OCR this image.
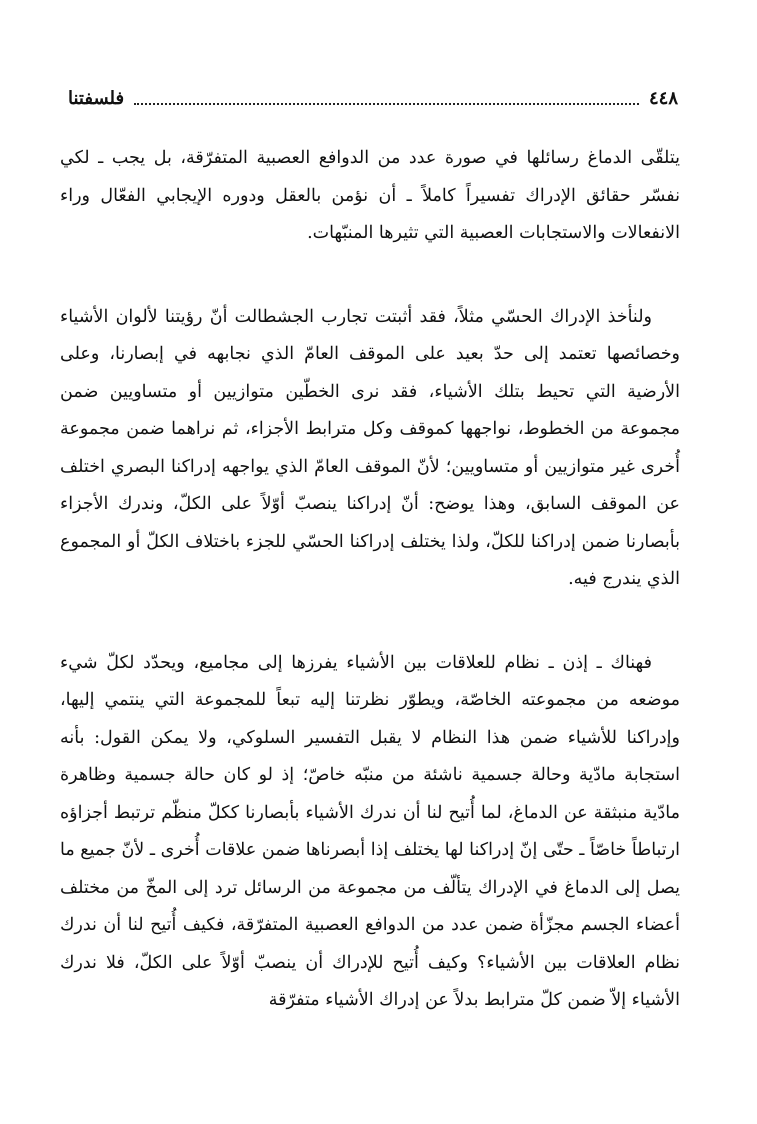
٤٤٨
فلسفتنا

يتلقّى الدماغ رسائلها في صورة عدد من الدوافع العصبية المتفرّقة، بل يجب ـ لكي نفسّر حقائق الإدراك تفسيراً كاملاً ـ أن نؤمن بالعقل ودوره الإيجابي الفعّال وراء الانفعالات والاستجابات العصبية التي تثيرها المنبّهات.

ولنأخذ الإدراك الحسّي مثلاً، فقد أثبتت تجارب الجشطالت أنّ رؤيتنا لألوان الأشياء وخصائصها تعتمد إلى حدّ بعيد على الموقف العامّ الذي نجابهه في إبصارنا، وعلى الأرضية التي تحيط بتلك الأشياء، فقد نرى الخطّين متوازيين أو متساويين ضمن مجموعة من الخطوط، نواجهها كموقف وكل مترابط الأجزاء، ثم نراهما ضمن مجموعة أُخرى غير متوازيين أو متساويين؛ لأنّ الموقف العامّ الذي يواجهه إدراكنا البصري اختلف عن الموقف السابق، وهذا يوضح: أنّ إدراكنا ينصبّ أوّلاً على الكلّ، وندرك الأجزاء بأبصارنا ضمن إدراكنا للكلّ، ولذا يختلف إدراكنا الحسّي للجزء باختلاف الكلّ أو المجموع الذي يندرج فيه.

فهناك ـ إذن ـ نظام للعلاقات بين الأشياء يفرزها إلى مجاميع، ويحدّد لكلّ شيء موضعه من مجموعته الخاصّة، ويطوّر نظرتنا إليه تبعاً للمجموعة التي ينتمي إليها، وإدراكنا للأشياء ضمن هذا النظام لا يقبل التفسير السلوكي، ولا يمكن القول: بأنه استجابة مادّية وحالة جسمية ناشئة من منبّه خاصّ؛ إذ لو كان حالة جسمية وظاهرة مادّية منبثقة عن الدماغ، لما أُتيح لنا أن ندرك الأشياء بأبصارنا ككلّ منظّم ترتبط أجزاؤه ارتباطاً خاصّاً ـ حتّى إنّ إدراكنا لها يختلف إذا أبصرناها ضمن علاقات أُخرى ـ لأنّ جميع ما يصل إلى الدماغ في الإدراك يتألّف من مجموعة من الرسائل ترد إلى المخّ من مختلف أعضاء الجسم مجزّأة ضمن عدد من الدوافع العصبية المتفرّقة، فكيف أُتيح لنا أن ندرك نظام العلاقات بين الأشياء؟ وكيف أُتيح للإدراك أن ينصبّ أوّلاً على الكلّ، فلا ندرك الأشياء إلاّ ضمن كلّ مترابط بدلاً عن إدراك الأشياء متفرّقة
